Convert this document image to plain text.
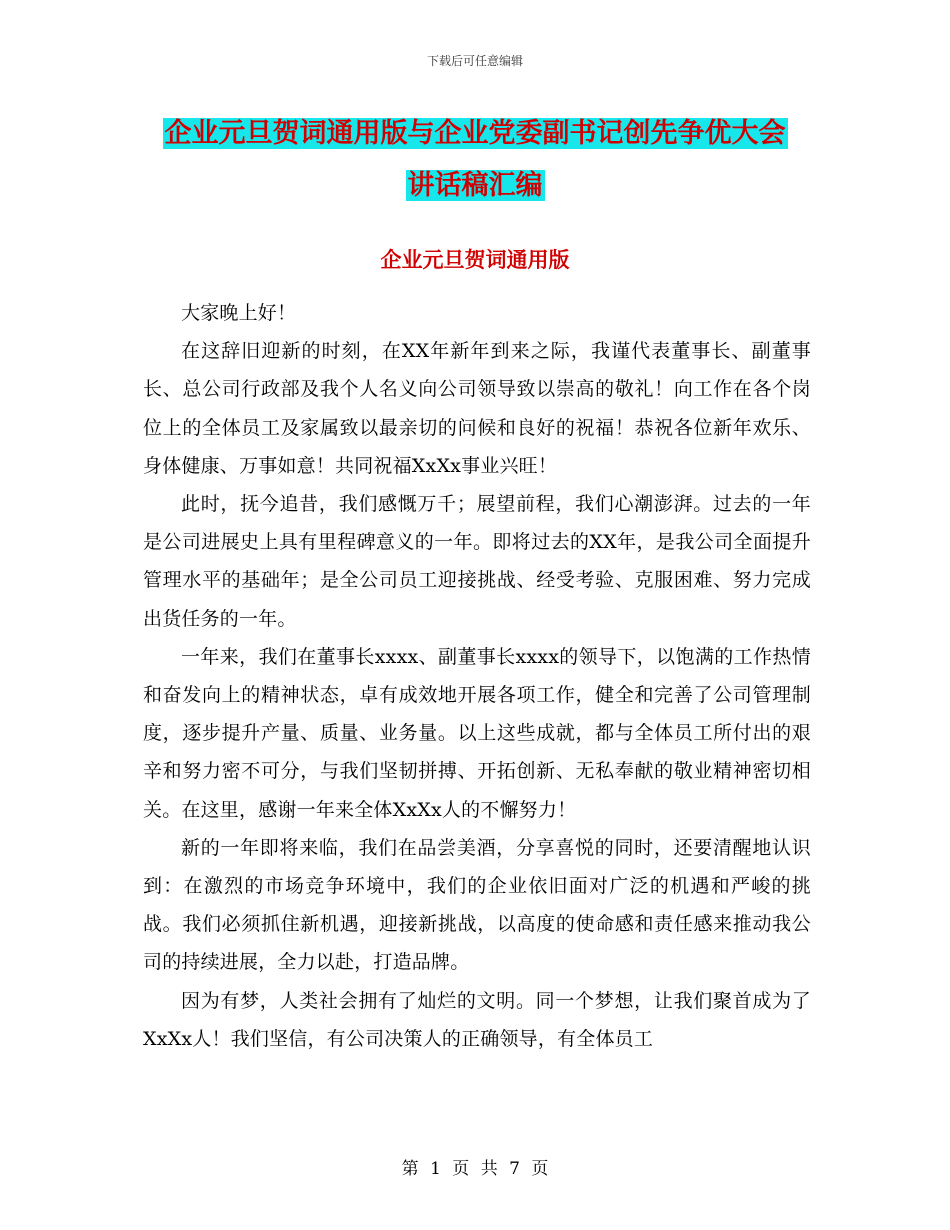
下载后可任意编辑
企业元旦贺词通用版与企业党委副书记创先争优大会
讲话稿汇编
企业元旦贺词通用版

大家晚上好！

在这辞旧迎新的时刻，在XX年新年到来之际，我谨代表董事长、副董事长、总公司行政部及我个人名义向公司领导致以崇高的敬礼！向工作在各个岗位上的全体员工及家属致以最亲切的问候和良好的祝福！恭祝各位新年欢乐、身体健康、万事如意！共同祝福XxXx事业兴旺！

此时，抚今追昔，我们感慨万千；展望前程，我们心潮澎湃。过去的一年是公司进展史上具有里程碑意义的一年。即将过去的XX年，是我公司全面提升管理水平的基础年；是全公司员工迎接挑战、经受考验、克服困难、努力完成出货任务的一年。

一年来，我们在董事长xxxx、副董事长xxxx的领导下，以饱满的工作热情和奋发向上的精神状态，卓有成效地开展各项工作，健全和完善了公司管理制度，逐步提升产量、质量、业务量。以上这些成就，都与全体员工所付出的艰辛和努力密不可分，与我们坚韧拼搏、开拓创新、无私奉献的敬业精神密切相关。在这里，感谢一年来全体XxXx人的不懈努力！

新的一年即将来临，我们在品尝美酒，分享喜悦的同时，还要清醒地认识到：在激烈的市场竞争环境中，我们的企业依旧面对广泛的机遇和严峻的挑战。我们必须抓住新机遇，迎接新挑战，以高度的使命感和责任感来推动我公司的持续进展，全力以赴，打造品牌。

因为有梦，人类社会拥有了灿烂的文明。同一个梦想，让我们聚首成为了XxXx人！我们坚信，有公司决策人的正确领导，有全体员工

第 1 页 共 7 页
